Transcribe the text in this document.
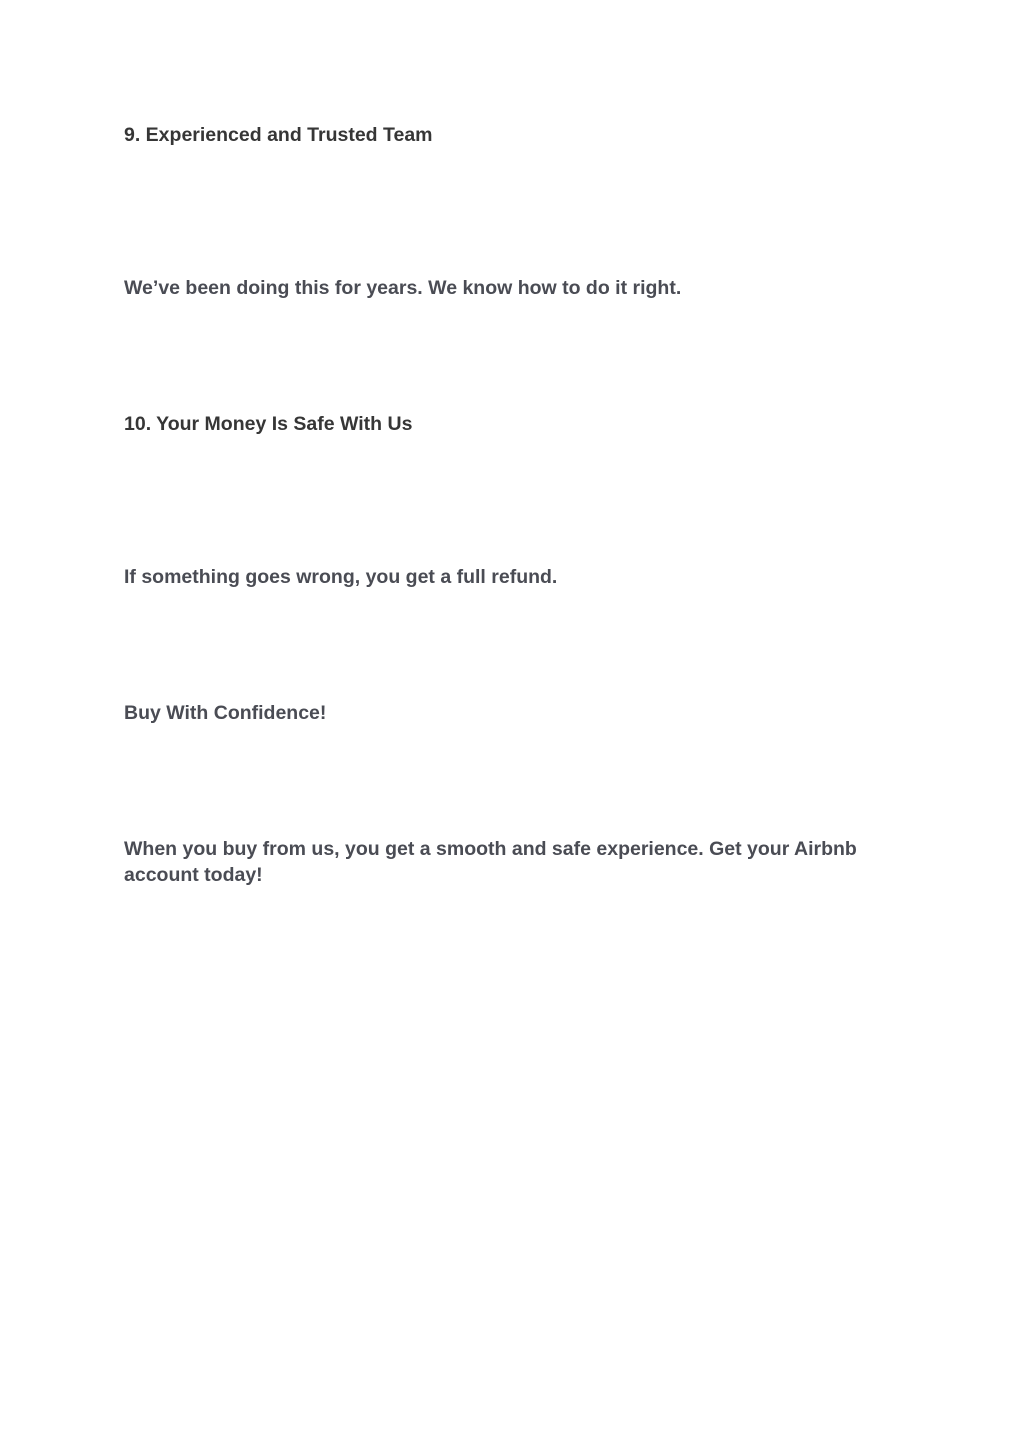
9. Experienced and Trusted Team

We’ve been doing this for years. We know how to do it right.

10. Your Money Is Safe With Us

If something goes wrong, you get a full refund.

Buy With Confidence!

When you buy from us, you get a smooth and safe experience. Get your Airbnb account today!
